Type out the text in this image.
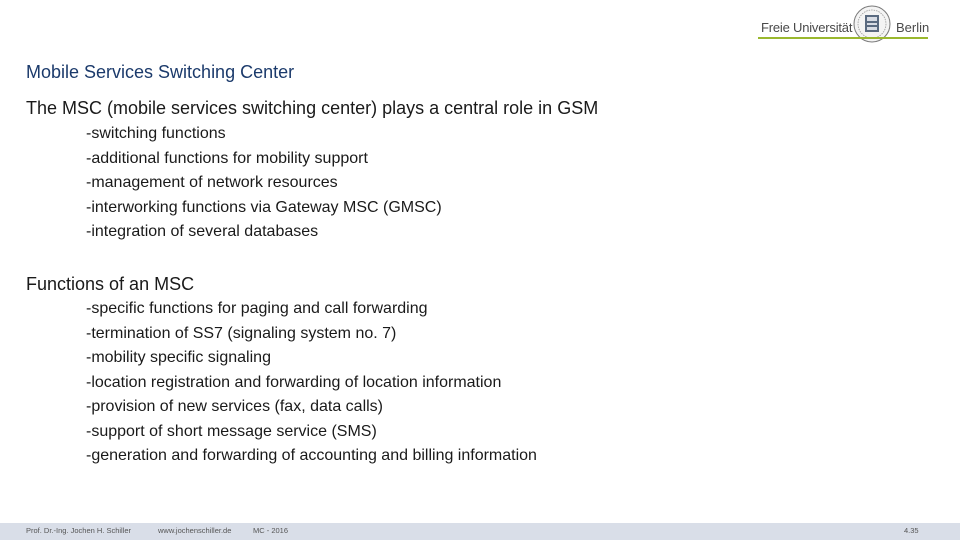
Freie Universität	Berlin
Mobile Services Switching Center
The MSC (mobile services switching center) plays a central role in GSM
-switching functions
-additional functions for mobility support
-management of network resources
-interworking functions via Gateway MSC (GMSC)
-integration of several databases
Functions of an MSC
-specific functions for paging and call forwarding
-termination of SS7 (signaling system no. 7)
-mobility specific signaling
-location registration and forwarding of location information
-provision of new services (fax, data calls)
-support of short message service (SMS)
-generation and forwarding of accounting and billing information
Prof. Dr.-Ing. Jochen H. Schiller	www.jochenschiller.de	MC - 2016	4.35
